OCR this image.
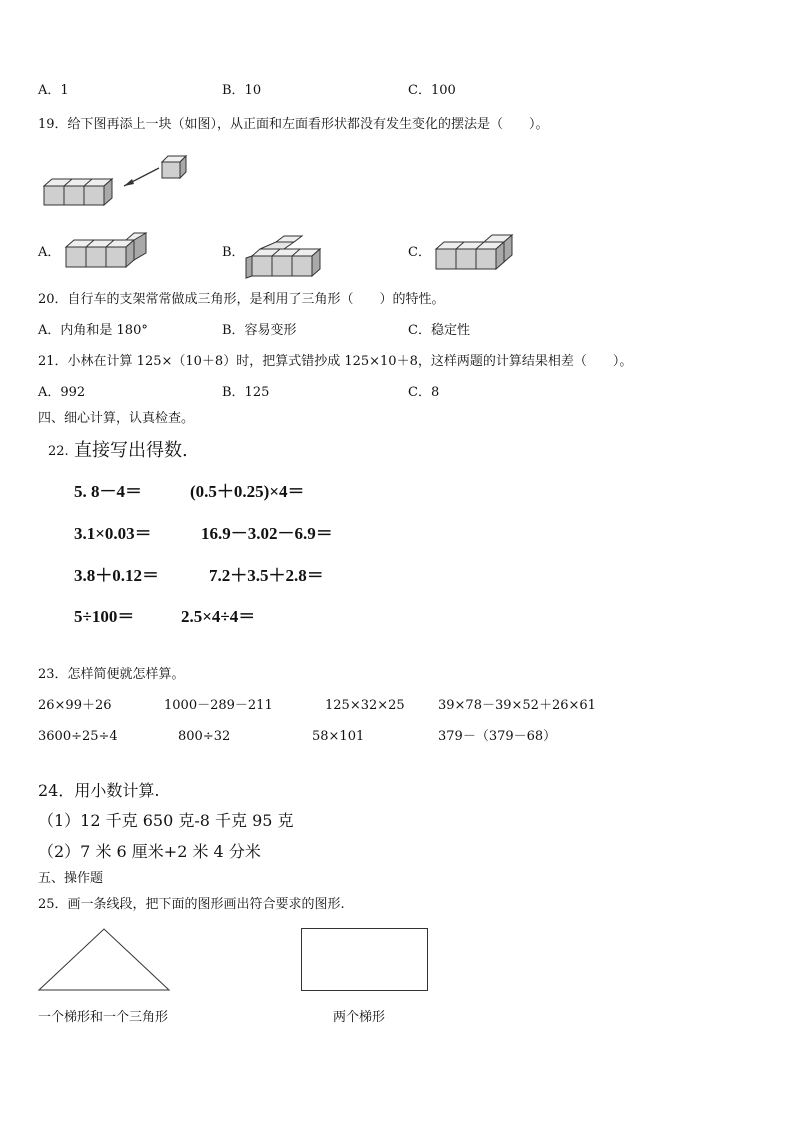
A．1	B．10	C．100
19．给下图再添上一块（如图），从正面和左面看形状都没有发生变化的摆法是（　　）。
A．	B．	C．
20．自行车的支架常常做成三角形，是利用了三角形（　　）的特性。
A．内角和是 180°	B．容易变形	C．稳定性
21．小林在计算 125×（10＋8）时，把算式错抄成 125×10＋8，这样两题的计算结果相差（　　）。
A．992	B．125	C．8
四、细心计算，认真检查。
22. 直接写出得数.
5. 8－4＝	(0.5＋0.25)×4＝
3.1×0.03＝	16.9－3.02－6.9＝
3.8＋0.12＝	7.2＋3.5＋2.8＝
5÷100＝	2.5×4÷4＝
23．怎样简便就怎样算。
26×99＋26	1000－289－211	125×32×25	39×78－39×52＋26×61
3600÷25÷4	800÷32	58×101	379－（379－68）
24．用小数计算.
（1）12 千克 650 克-8 千克 95 克
（2）7 米 6 厘米+2 米 4 分米
五、操作题
25．画一条线段，把下面的图形画出符合要求的图形.
一个梯形和一个三角形	两个梯形
